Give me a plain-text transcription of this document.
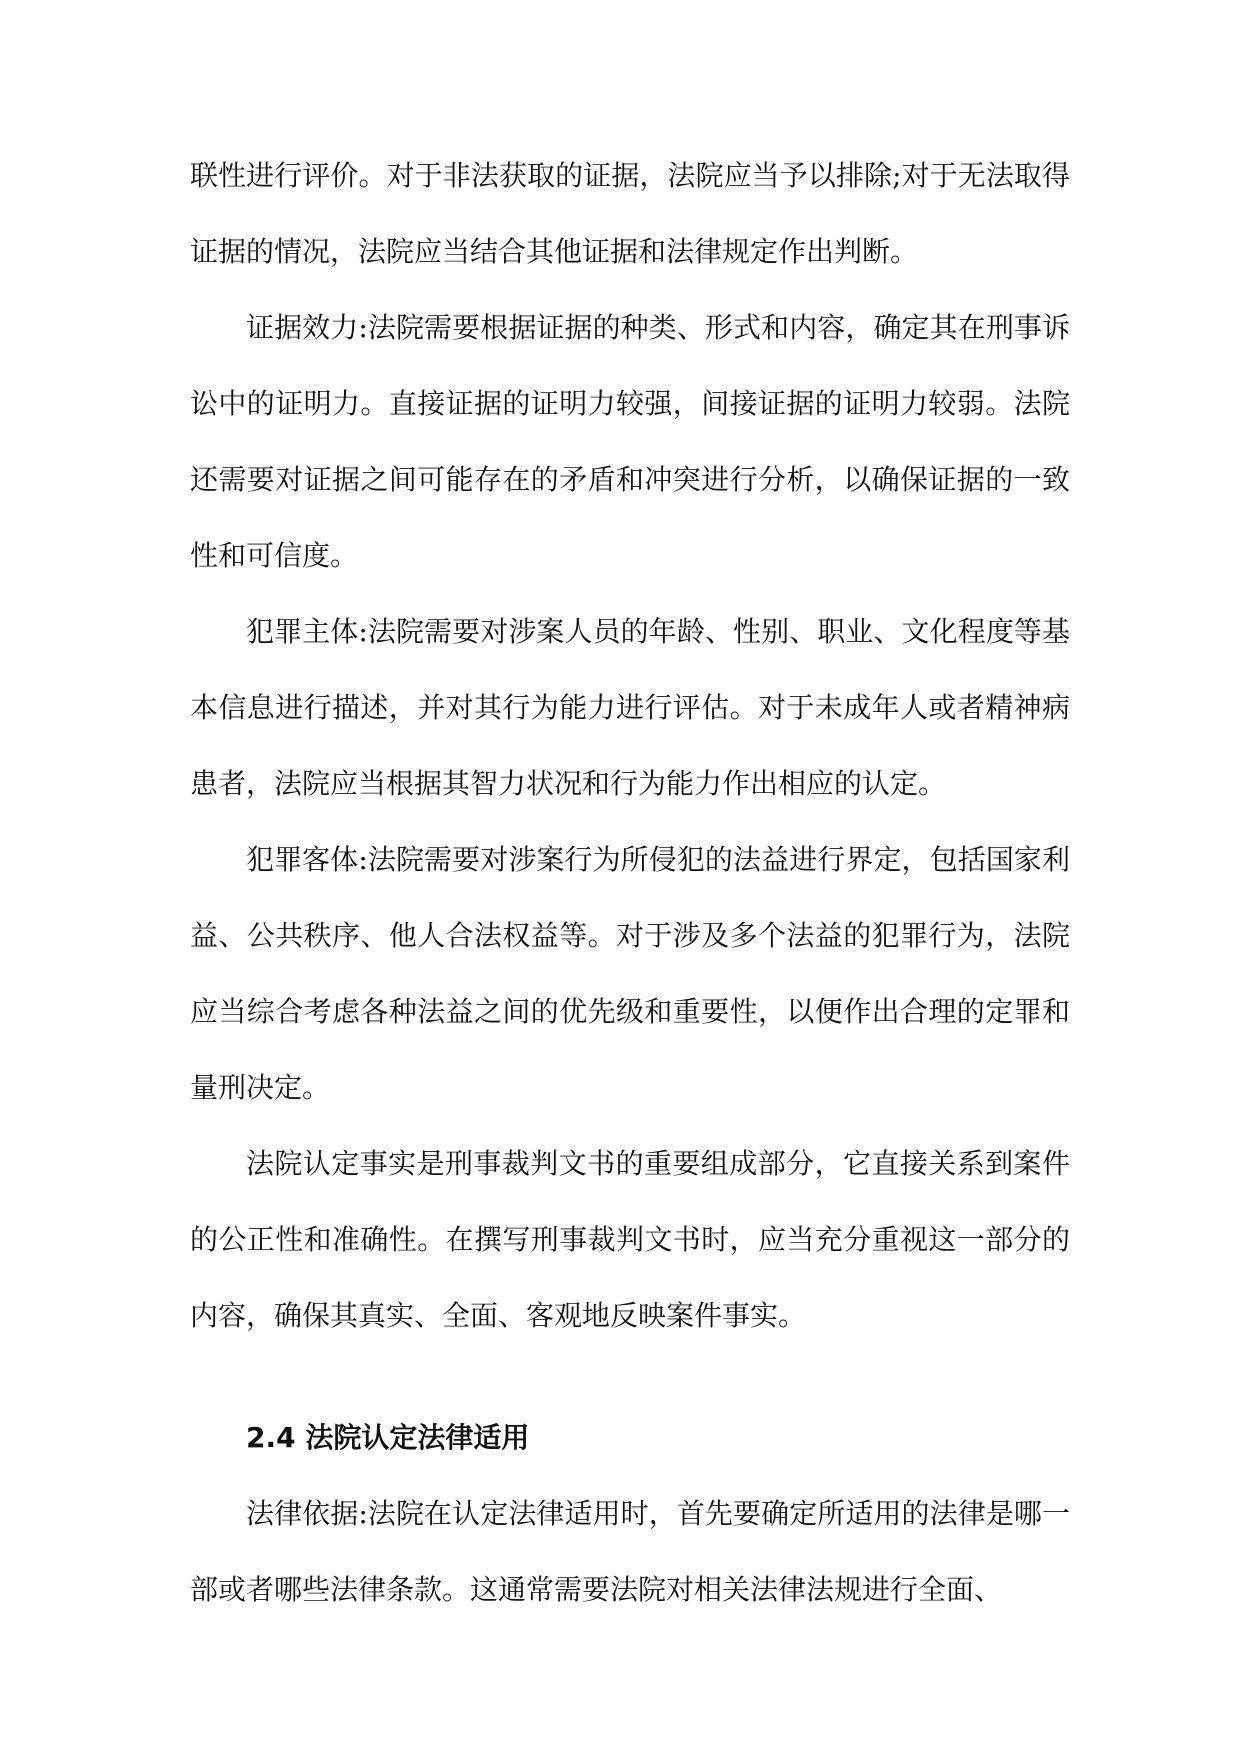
联性进行评价。对于非法获取的证据，法院应当予以排除;对于无法取得证据的情况，法院应当结合其他证据和法律规定作出判断。

证据效力:法院需要根据证据的种类、形式和内容，确定其在刑事诉讼中的证明力。直接证据的证明力较强，间接证据的证明力较弱。法院还需要对证据之间可能存在的矛盾和冲突进行分析，以确保证据的一致性和可信度。

犯罪主体:法院需要对涉案人员的年龄、性别、职业、文化程度等基本信息进行描述，并对其行为能力进行评估。对于未成年人或者精神病患者，法院应当根据其智力状况和行为能力作出相应的认定。

犯罪客体:法院需要对涉案行为所侵犯的法益进行界定，包括国家利益、公共秩序、他人合法权益等。对于涉及多个法益的犯罪行为，法院应当综合考虑各种法益之间的优先级和重要性，以便作出合理的定罪和量刑决定。

法院认定事实是刑事裁判文书的重要组成部分，它直接关系到案件的公正性和准确性。在撰写刑事裁判文书时，应当充分重视这一部分的内容，确保其真实、全面、客观地反映案件事实。

2.4 法院认定法律适用

法律依据:法院在认定法律适用时，首先要确定所适用的法律是哪一部或者哪些法律条款。这通常需要法院对相关法律法规进行全面、
